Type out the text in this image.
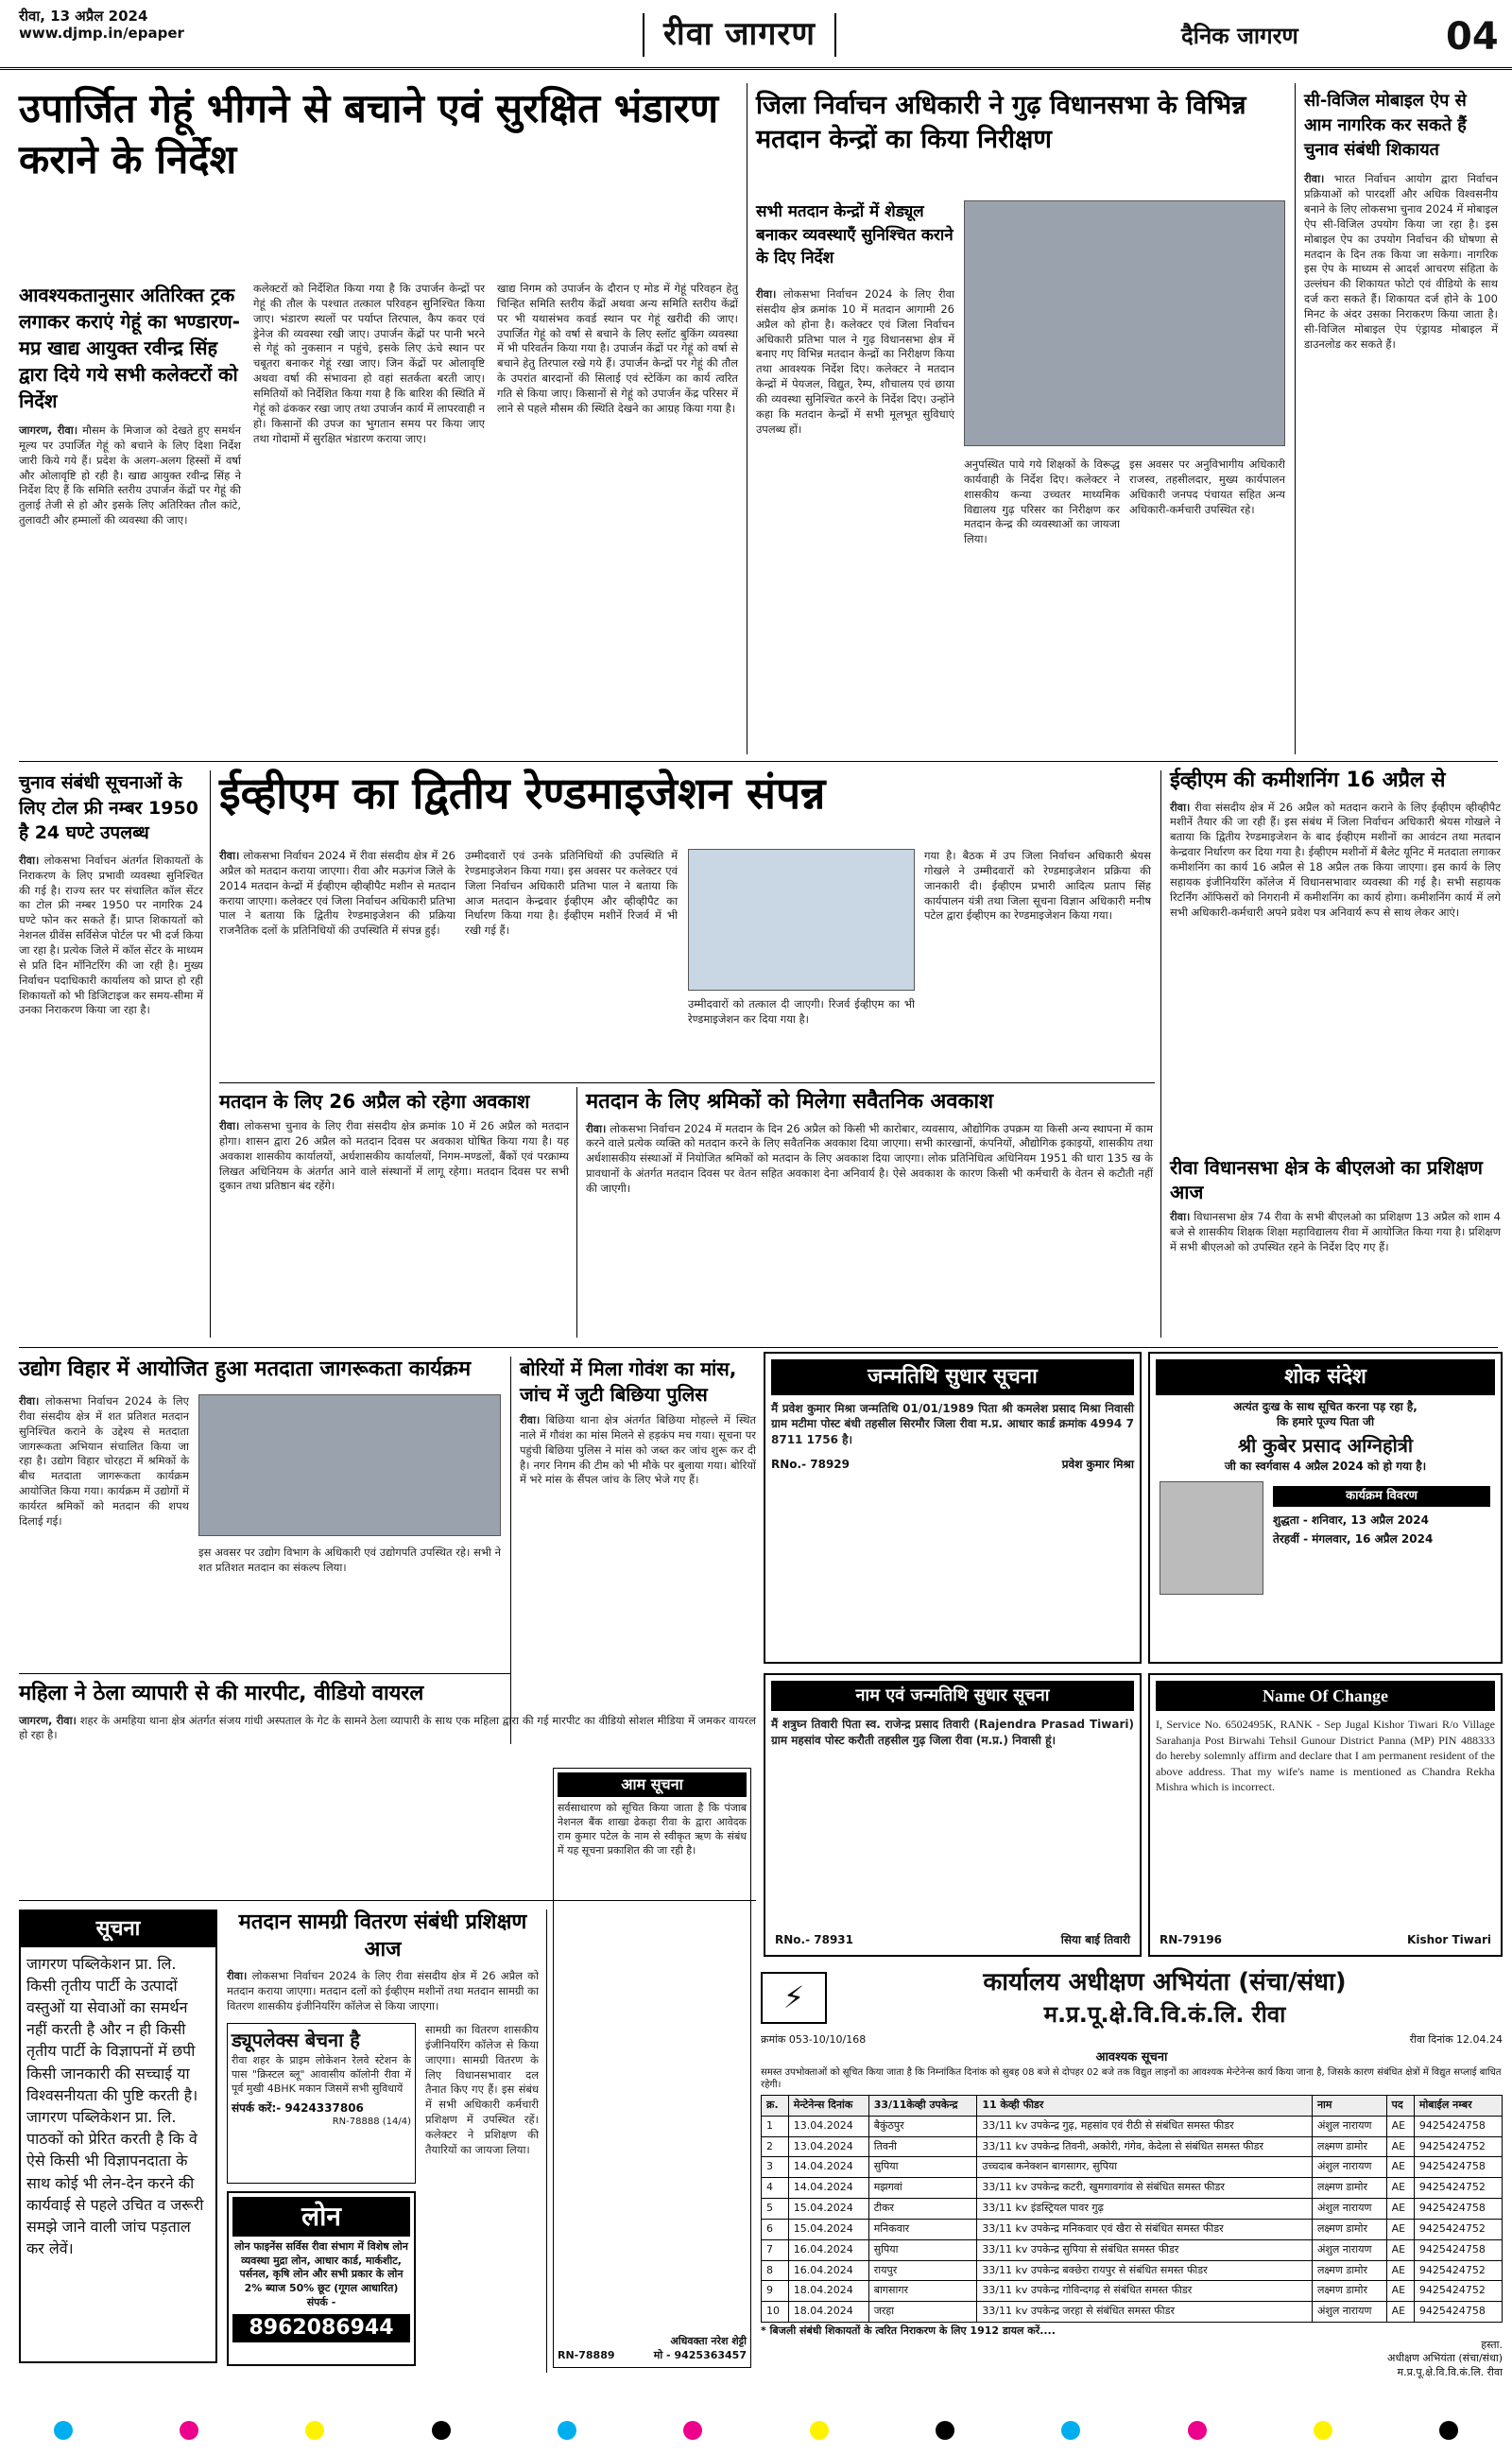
रीवा, 13 अप्रैल 2024
www.djmp.in/epaper	रीवा जागरण	दैनिक जागरण	04
उपार्जित गेहूं भीगने से बचाने एवं सुरक्षित भंडारण कराने के निर्देश
आवश्यकतानुसार अतिरिक्त ट्रक लगाकर कराएं गेहूं का भण्डारण- मप्र खाद्य आयुक्त रवीन्द्र सिंह द्वारा दिये गये सभी कलेक्टरों को निर्देश
जागरण, रीवा। मौसम के मिजाज को देखते हुए समर्थन मूल्य पर उपार्जित गेहूं को बचाने के लिए दिशा निर्देश जारी किये गये हैं। प्रदेश के अलग-अलग हिस्सों में वर्षा और ओलावृष्टि हो रही है। खाद्य आयुक्त रवीन्द्र सिंह ने निर्देश दिए हैं कि समिति स्तरीय उपार्जन केंद्रों पर गेहूं की तुलाई तेजी से हो और इसके लिए अतिरिक्त तौल कांटे, तुलावटी और हम्मालों की व्यवस्था की जाए।
कलेक्टरों को निर्देशित किया गया है कि उपार्जन केन्द्रों पर गेहूं की तौल के पश्चात तत्काल परिवहन सुनिश्चित किया जाए। भंडारण स्थलों पर पर्याप्त तिरपाल, कैप कवर एवं ड्रेनेज की व्यवस्था रखी जाए। उपार्जन केंद्रों पर पानी भरने से गेहूं को नुकसान न पहुंचे, इसके लिए ऊंचे स्थान पर चबूतरा बनाकर गेहूं रखा जाए। जिन केंद्रों पर ओलावृष्टि अथवा वर्षा की संभावना हो वहां सतर्कता बरती जाए। समितियों को निर्देशित किया गया है कि बारिश की स्थिति में गेहूं को ढंककर रखा जाए तथा उपार्जन कार्य में लापरवाही न हो। किसानों की उपज का भुगतान समय पर किया जाए तथा गोदामों में सुरक्षित भंडारण कराया जाए।
खाद्य निगम को उपार्जन के दौरान ए मोड में गेहूं परिवहन हेतु चिन्हित समिति स्तरीय केंद्रों अथवा अन्य समिति स्तरीय केंद्रों पर भी यथासंभव कवर्ड स्थान पर गेहूं खरीदी की जाए। उपार्जित गेहूं को वर्षा से बचाने के लिए स्लॉट बुकिंग व्यवस्था में भी परिवर्तन किया गया है। उपार्जन केंद्रों पर गेहूं को वर्षा से बचाने हेतु तिरपाल रखे गये हैं। उपार्जन केन्द्रों पर गेहूं की तौल के उपरांत बारदानों की सिलाई एवं स्टेकिंग का कार्य त्वरित गति से किया जाए। किसानों से गेहूं को उपार्जन केंद्र परिसर में लाने से पहले मौसम की स्थिति देखने का आग्रह किया गया है।
जिला निर्वाचन अधिकारी ने गुढ़ विधानसभा के विभिन्न मतदान केन्द्रों का किया निरीक्षण
सभी मतदान केन्द्रों में शेड्यूल बनाकर व्यवस्थाएँ सुनिश्चित कराने के दिए निर्देश
रीवा। लोकसभा निर्वाचन 2024 के लिए रीवा संसदीय क्षेत्र क्रमांक 10 में मतदान आगामी 26 अप्रैल को होना है। कलेक्टर एवं जिला निर्वाचन अधिकारी प्रतिभा पाल ने गुढ़ विधानसभा क्षेत्र में बनाए गए विभिन्न मतदान केन्द्रों का निरीक्षण किया तथा आवश्यक निर्देश दिए। कलेक्टर ने मतदान केन्द्रों में पेयजल, विद्युत, रैम्प, शौचालय एवं छाया की व्यवस्था सुनिश्चित करने के निर्देश दिए। उन्होंने कहा कि मतदान केन्द्रों में सभी मूलभूत सुविधाएं उपलब्ध हों।
अनुपस्थित पाये गये शिक्षकों के विरूद्ध कार्यवाही के निर्देश दिए। कलेक्टर ने शासकीय कन्या उच्चतर माध्यमिक विद्यालय गुढ़ परिसर का निरीक्षण कर मतदान केन्द्र की व्यवस्थाओं का जायजा लिया।
इस अवसर पर अनुविभागीय अधिकारी राजस्व, तहसीलदार, मुख्य कार्यपालन अधिकारी जनपद पंचायत सहित अन्य अधिकारी-कर्मचारी उपस्थित रहे।
सी-विजिल मोबाइल ऐप से आम नागरिक कर सकते हैं चुनाव संबंधी शिकायत
रीवा। भारत निर्वाचन आयोग द्वारा निर्वाचन प्रक्रियाओं को पारदर्शी और अधिक विश्वसनीय बनाने के लिए लोकसभा चुनाव 2024 में मोबाइल ऐप सी-विजिल उपयोग किया जा रहा है। इस मोबाइल ऐप का उपयोग निर्वाचन की घोषणा से मतदान के दिन तक किया जा सकेगा। नागरिक इस ऐप के माध्यम से आदर्श आचरण संहिता के उल्लंघन की शिकायत फोटो एवं वीडियो के साथ दर्ज करा सकते हैं। शिकायत दर्ज होने के 100 मिनट के अंदर उसका निराकरण किया जाता है। सी-विजिल मोबाइल ऐप एंड्रायड मोबाइल में डाउनलोड कर सकते हैं।
चुनाव संबंधी सूचनाओं के लिए टोल फ्री नम्बर 1950 है 24 घण्टे उपलब्ध
रीवा। लोकसभा निर्वाचन अंतर्गत शिकायतों के निराकरण के लिए प्रभावी व्यवस्था सुनिश्चित की गई है। राज्य स्तर पर संचालित कॉल सेंटर का टोल फ्री नम्बर 1950 पर नागरिक 24 घण्टे फोन कर सकते हैं। प्राप्त शिकायतों को नेशनल ग्रीवेंस सर्विसेज पोर्टल पर भी दर्ज किया जा रहा है। प्रत्येक जिले में कॉल सेंटर के माध्यम से प्रति दिन मॉनिटरिंग की जा रही है। मुख्य निर्वाचन पदाधिकारी कार्यालय को प्राप्त हो रही शिकायतों को भी डिजिटाइज कर समय-सीमा में उनका निराकरण किया जा रहा है।
ईव्हीएम का द्वितीय रेण्डमाइजेशन संपन्न
रीवा। लोकसभा निर्वाचन 2024 में रीवा संसदीय क्षेत्र में 26 अप्रैल को मतदान कराया जाएगा। रीवा और मऊगंज जिले के 2014 मतदान केन्द्रों में ईव्हीएम व्हीव्हीपैट मशीन से मतदान कराया जाएगा। कलेक्टर एवं जिला निर्वाचन अधिकारी प्रतिभा पाल ने बताया कि द्वितीय रेण्डमाइजेशन की प्रक्रिया राजनैतिक दलों के प्रतिनिधियों की उपस्थिति में संपन्न हुई।
उम्मीदवारों एवं उनके प्रतिनिधियों की उपस्थिति में रेण्डमाइजेशन किया गया। इस अवसर पर कलेक्टर एवं जिला निर्वाचन अधिकारी प्रतिभा पाल ने बताया कि आज मतदान केन्द्रवार ईव्हीएम और व्हीव्हीपैट का निर्धारण किया गया है। ईव्हीएम मशीनें रिजर्व में भी रखी गई हैं।
उम्मीदवारों को तत्काल दी जाएगी। रिजर्व ईव्हीएम का भी रेण्डमाइजेशन कर दिया गया है।
गया है। बैठक में उप जिला निर्वाचन अधिकारी श्रेयस गोखले ने उम्मीदवारों को रेण्डमाइजेशन प्रक्रिया की जानकारी दी। ईव्हीएम प्रभारी आदित्य प्रताप सिंह कार्यपालन यंत्री तथा जिला सूचना विज्ञान अधिकारी मनीष पटेल द्वारा ईव्हीएम का रेण्डमाइजेशन किया गया।
ईव्हीएम की कमीशनिंग 16 अप्रैल से
रीवा। रीवा संसदीय क्षेत्र में 26 अप्रैल को मतदान कराने के लिए ईव्हीएम व्हीव्हीपैट मशीनें तैयार की जा रही हैं। इस संबंध में जिला निर्वाचन अधिकारी श्रेयस गोखले ने बताया कि द्वितीय रेण्डमाइजेशन के बाद ईव्हीएम मशीनों का आवंटन तथा मतदान केन्द्रवार निर्धारण कर दिया गया है। ईव्हीएम मशीनों में बैलेट यूनिट में मतदाता लगाकर कमीशनिंग का कार्य 16 अप्रैल से 18 अप्रैल तक किया जाएगा। इस कार्य के लिए सहायक इंजीनियरिंग कॉलेज में विधानसभावार व्यवस्था की गई है। सभी सहायक रिटर्निंग ऑफिसरों को निगरानी में कमीशनिंग का कार्य होगा। कमीशनिंग कार्य में लगे सभी अधिकारी-कर्मचारी अपने प्रवेश पत्र अनिवार्य रूप से साथ लेकर आएं।
रीवा विधानसभा क्षेत्र के बीएलओ का प्रशिक्षण आज
रीवा। विधानसभा क्षेत्र 74 रीवा के सभी बीएलओ का प्रशिक्षण 13 अप्रैल को शाम 4 बजे से शासकीय शिक्षक शिक्षा महाविद्यालय रीवा में आयोजित किया गया है। प्रशिक्षण में सभी बीएलओ को उपस्थित रहने के निर्देश दिए गए हैं।
मतदान के लिए 26 अप्रैल को रहेगा अवकाश
रीवा। लोकसभा चुनाव के लिए रीवा संसदीय क्षेत्र क्रमांक 10 में 26 अप्रैल को मतदान होगा। शासन द्वारा 26 अप्रैल को मतदान दिवस पर अवकाश घोषित किया गया है। यह अवकाश शासकीय कार्यालयों, अर्धशासकीय कार्यालयों, निगम-मण्डलों, बैंकों एवं परक्राम्य लिखत अधिनियम के अंतर्गत आने वाले संस्थानों में लागू रहेगा। मतदान दिवस पर सभी दुकान तथा प्रतिष्ठान बंद रहेंगे।
मतदान के लिए श्रमिकों को मिलेगा सवैतनिक अवकाश
रीवा। लोकसभा निर्वाचन 2024 में मतदान के दिन 26 अप्रैल को किसी भी कारोबार, व्यवसाय, औद्योगिक उपक्रम या किसी अन्य स्थापना में काम करने वाले प्रत्येक व्यक्ति को मतदान करने के लिए सवैतनिक अवकाश दिया जाएगा। सभी कारखानों, कंपनियों, औद्योगिक इकाइयों, शासकीय तथा अर्धशासकीय संस्थाओं में नियोजित श्रमिकों को मतदान के लिए अवकाश दिया जाएगा। लोक प्रतिनिधित्व अधिनियम 1951 की धारा 135 ख के प्रावधानों के अंतर्गत मतदान दिवस पर वेतन सहित अवकाश देना अनिवार्य है। ऐसे अवकाश के कारण किसी भी कर्मचारी के वेतन से कटौती नहीं की जाएगी।
उद्योग विहार में आयोजित हुआ मतदाता जागरूकता कार्यक्रम
रीवा। लोकसभा निर्वाचन 2024 के लिए रीवा संसदीय क्षेत्र में शत प्रतिशत मतदान सुनिश्चित कराने के उद्देश्य से मतदाता जागरूकता अभियान संचालित किया जा रहा है। उद्योग विहार चोरहटा में श्रमिकों के बीच मतदाता जागरूकता कार्यक्रम आयोजित किया गया। कार्यक्रम में उद्योगों में कार्यरत श्रमिकों को मतदान की शपथ दिलाई गई।
इस अवसर पर उद्योग विभाग के अधिकारी एवं उद्योगपति उपस्थित रहे। सभी ने शत प्रतिशत मतदान का संकल्प लिया।
बोरियों में मिला गोवंश का मांस, जांच में जुटी बिछिया पुलिस
रीवा। बिछिया थाना क्षेत्र अंतर्गत बिछिया मोहल्ले में स्थित नाले में गौवंश का मांस मिलने से हड़कंप मच गया। सूचना पर पहुंची बिछिया पुलिस ने मांस को जब्त कर जांच शुरू कर दी है। नगर निगम की टीम को भी मौके पर बुलाया गया। बोरियों में भरे मांस के सैंपल जांच के लिए भेजे गए हैं।
महिला ने ठेला व्यापारी से की मारपीट, वीडियो वायरल
जागरण, रीवा। शहर के अमहिया थाना क्षेत्र अंतर्गत संजय गांधी अस्पताल के गेट के सामने ठेला व्यापारी के साथ एक महिला द्वारा की गई मारपीट का वीडियो सोशल मीडिया में जमकर वायरल हो रहा है।
जन्मतिथि सुधार सूचना
मैं प्रवेश कुमार मिश्रा जन्मतिथि 01/01/1989 पिता श्री कमलेश प्रसाद मिश्रा निवासी ग्राम मटीमा पोस्ट बंधी तहसील सिरमौर जिला रीवा म.प्र. आधार कार्ड क्रमांक 4994 7 8711 1756 है।
RNo.- 78929	प्रवेश कुमार मिश्रा
शोक संदेश
अत्यंत दुःख के साथ सूचित करना पड़ रहा है,
कि हमारे पूज्य पिता जी
श्री कुबेर प्रसाद अग्निहोत्री
जी का स्वर्गवास 4 अप्रैल 2024 को हो गया है।
कार्यक्रम विवरण
शुद्धता - शनिवार, 13 अप्रैल 2024
तेरहवीं - मंगलवार, 16 अप्रैल 2024
नाम एवं जन्मतिथि सुधार सूचना
मैं शत्रुघ्न तिवारी पिता स्व. राजेन्द्र प्रसाद तिवारी (Rajendra Prasad Tiwari) ग्राम महसांव पोस्ट करौती तहसील गुढ़ जिला रीवा (म.प्र.) निवासी हूं।
RNo.- 78931	सिया बाई तिवारी
Name Of Change
I, Service No. 6502495K, RANK - Sep Jugal Kishor Tiwari R/o Village Sarahanja Post Birwahi Tehsil Gunour District Panna (MP) PIN 488333 do hereby solemnly affirm and declare that I am permanent resident of the above address. That my wife's name is mentioned as Chandra Rekha Mishra which is incorrect.
RN-79196	Kishor Tiwari
सूचना
जागरण पब्लिकेशन प्रा. लि. किसी तृतीय पार्टी के उत्पादों वस्तुओं या सेवाओं का समर्थन नहीं करती है और न ही किसी तृतीय पार्टी के विज्ञापनों में छपी किसी जानकारी की सच्चाई या विश्वसनीयता की पुष्टि करती है। जागरण पब्लिकेशन प्रा. लि. पाठकों को प्रेरित करती है कि वे ऐसे किसी भी विज्ञापनदाता के साथ कोई भी लेन-देन करने की कार्यवाई से पहले उचित व जरूरी समझे जाने वाली जांच पड़ताल कर लेवें।
मतदान सामग्री वितरण संबंधी प्रशिक्षण आज
रीवा। लोकसभा निर्वाचन 2024 के लिए रीवा संसदीय क्षेत्र में 26 अप्रैल को मतदान कराया जाएगा। मतदान दलों को ईव्हीएम मशीनों तथा मतदान सामग्री का वितरण शासकीय इंजीनियरिंग कॉलेज से किया जाएगा।
ड्यूपलेक्स बेचना है
रीवा शहर के प्राइम लोकेशन रेलवे स्टेशन के पास "क्रिस्टल ब्लू" आवासीय कॉलोनी रीवा में पूर्व मुखी 4BHK मकान जिसमें सभी सुविधायें
संपर्क करें:- 9424337806
RN-78888 (14/4)
लोन
लोन फाइनेंस सर्विस रीवा संभाग में विशेष लोन व्यवस्था मुद्रा लोन, आधार कार्ड, मार्कशीट, पर्सनल, कृषि लोन और सभी प्रकार के लोन 2% ब्याज 50% छूट (गूगल आधारित) संपर्क -
8962086944
सामग्री का वितरण शासकीय इंजीनियरिंग कॉलेज से किया जाएगा। सामग्री वितरण के लिए विधानसभावार दल तैनात किए गए हैं। इस संबंध में सभी अधिकारी कर्मचारी प्रशिक्षण में उपस्थित रहें। कलेक्टर ने प्रशिक्षण की तैयारियों का जायजा लिया।
आम सूचना
सर्वसाधारण को सूचित किया जाता है कि पंजाब नेशनल बैंक शाखा ढेकहा रीवा के द्वारा आवेदक राम कुमार पटेल के नाम से स्वीकृत ऋण के संबंध में यह सूचना प्रकाशित की जा रही है।
अधिवक्ता नरेश शेट्टी
RN-78889	मो - 9425363457
⚡	कार्यालय अधीक्षण अभियंता (संचा/संधा)
म.प्र.पू.क्षे.वि.वि.कं.लि. रीवा
क्रमांक 053-10/10/168	रीवा दिनांक 12.04.24
आवश्यक सूचना
समस्त उपभोक्ताओं को सूचित किया जाता है कि निम्नांकित दिनांक को सुबह 08 बजे से दोपहर 02 बजे तक विद्युत लाइनों का आवश्यक मेन्टेनेन्स कार्य किया जाना है, जिसके कारण संबंधित क्षेत्रों में विद्युत सप्लाई बाधित रहेगी।
क्र.	मेन्टेनेन्स दिनांक	33/11केव्ही उपकेन्द्र	11 केव्ही फीडर	नाम	पद	मोबाईल नम्बर
1	13.04.2024	बैकुंठपुर	33/11 kv उपकेन्द्र गुढ़, महसांव एवं रीठी से संबंधित समस्त फीडर	अंशुल नारायण	AE	9425424758
2	13.04.2024	तिवनी	33/11 kv उपकेन्द्र तिवनी, अकोरी, गंगेव, केदेला से संबंधित समस्त फीडर	लक्ष्मण डामोर	AE	9425424752
3	14.04.2024	सुपिया	उच्चदाब कनेक्शन बागसागर, सुपिया	अंशुल नारायण	AE	9425424758
4	14.04.2024	मझगवां	33/11 kv उपकेन्द्र कटरी, खुमगावगांव से संबंधित समस्त फीडर	लक्ष्मण डामोर	AE	9425424752
5	15.04.2024	टीकर	33/11 kv इंडस्ट्रियल पावर गुढ़	अंशुल नारायण	AE	9425424758
6	15.04.2024	मनिकवार	33/11 kv उपकेन्द्र मनिकवार एवं खैरा से संबंधित समस्त फीडर	लक्ष्मण डामोर	AE	9425424752
7	16.04.2024	सुपिया	33/11 kv उपकेन्द्र सुपिया से संबंधित समस्त फीडर	अंशुल नारायण	AE	9425424758
8	16.04.2024	रायपुर	33/11 kv उपकेन्द्र बक्छेरा रायपुर से संबंधित समस्त फीडर	लक्ष्मण डामोर	AE	9425424752
9	18.04.2024	बागसागर	33/11 kv उपकेन्द्र गोविन्दगढ़ से संबंधित समस्त फीडर	लक्ष्मण डामोर	AE	9425424752
10	18.04.2024	जरहा	33/11 kv उपकेन्द्र जरहा से संबंधित समस्त फीडर	अंशुल नारायण	AE	9425424758
* बिजली संबंधी शिकायतों के त्वरित निराकरण के लिए 1912 डायल करें....
हस्ता.
अधीक्षण अभियंता (संचा/संधा)
म.प्र.पू.क्षे.वि.वि.कं.लि. रीवा
